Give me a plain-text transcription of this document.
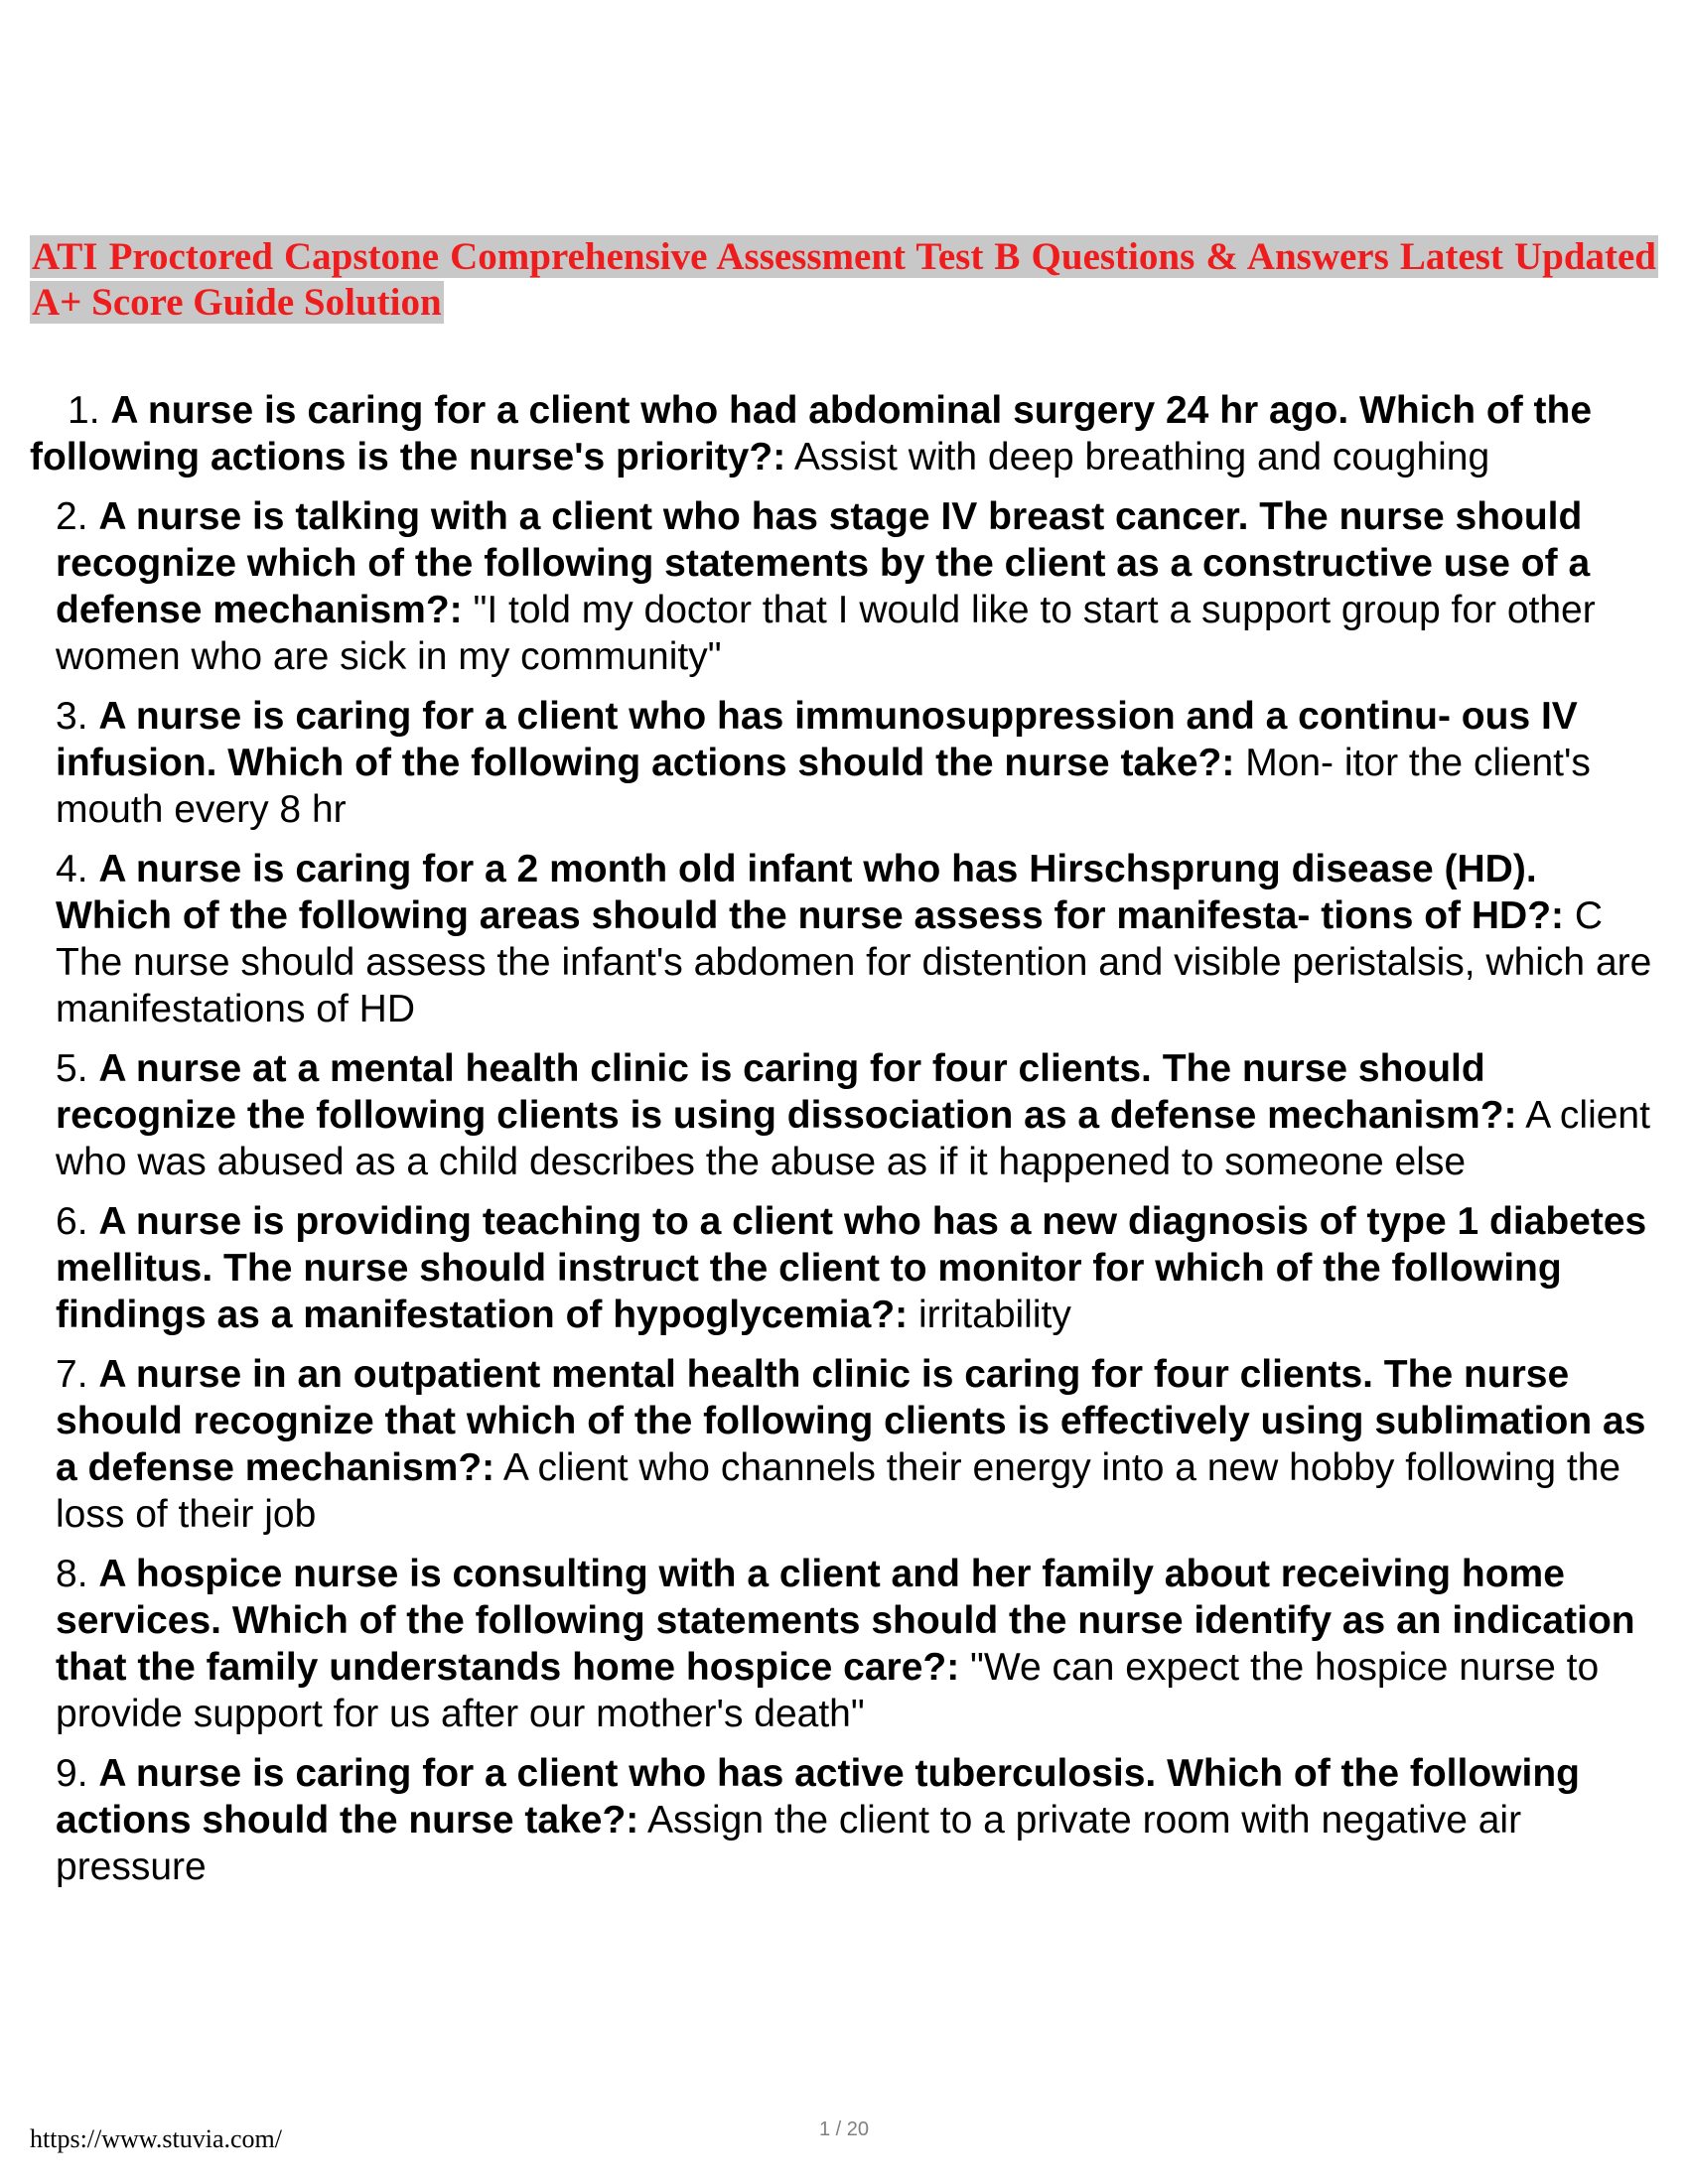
ATI Proctored Capstone Comprehensive Assessment Test B Questions & Answers Latest Updated A+ Score Guide Solution
1. A nurse is caring for a client who had abdominal surgery 24 hr ago. Which of the following actions is the nurse's priority?: Assist with deep breathing and coughing
2. A nurse is talking with a client who has stage IV breast cancer. The nurse should recognize which of the following statements by the client as a constructive use of a defense mechanism?: "I told my doctor that I would like to start a support group for other women who are sick in my community"
3. A nurse is caring for a client who has immunosuppression and a continu- ous IV infusion. Which of the following actions should the nurse take?: Mon- itor the client's mouth every 8 hr
4. A nurse is caring for a 2 month old infant who has Hirschsprung disease (HD). Which of the following areas should the nurse assess for manifesta- tions of HD?: C
The nurse should assess the infant's abdomen for distention and visible peristalsis, which are manifestations of HD
5. A nurse at a mental health clinic is caring for four clients. The nurse should recognize the following clients is using dissociation as a defense mechanism?: A client who was abused as a child describes the abuse as if it happened to someone else
6. A nurse is providing teaching to a client who has a new diagnosis of type 1 diabetes mellitus. The nurse should instruct the client to monitor for which of the following findings as a manifestation of hypoglycemia?: irritability
7. A nurse in an outpatient mental health clinic is caring for four clients. The nurse should recognize that which of the following clients is effectively using sublimation as a defense mechanism?: A client who channels their energy into a new hobby following the loss of their job
8. A hospice nurse is consulting with a client and her family about receiving home services. Which of the following statements should the nurse identify as an indication that the family understands home hospice care?: "We can expect the hospice nurse to provide support for us after our mother's death"
9. A nurse is caring for a client who has active tuberculosis. Which of the following actions should the nurse take?: Assign the client to a private room with negative air pressure
https://www.stuvia.com/	1 / 20
